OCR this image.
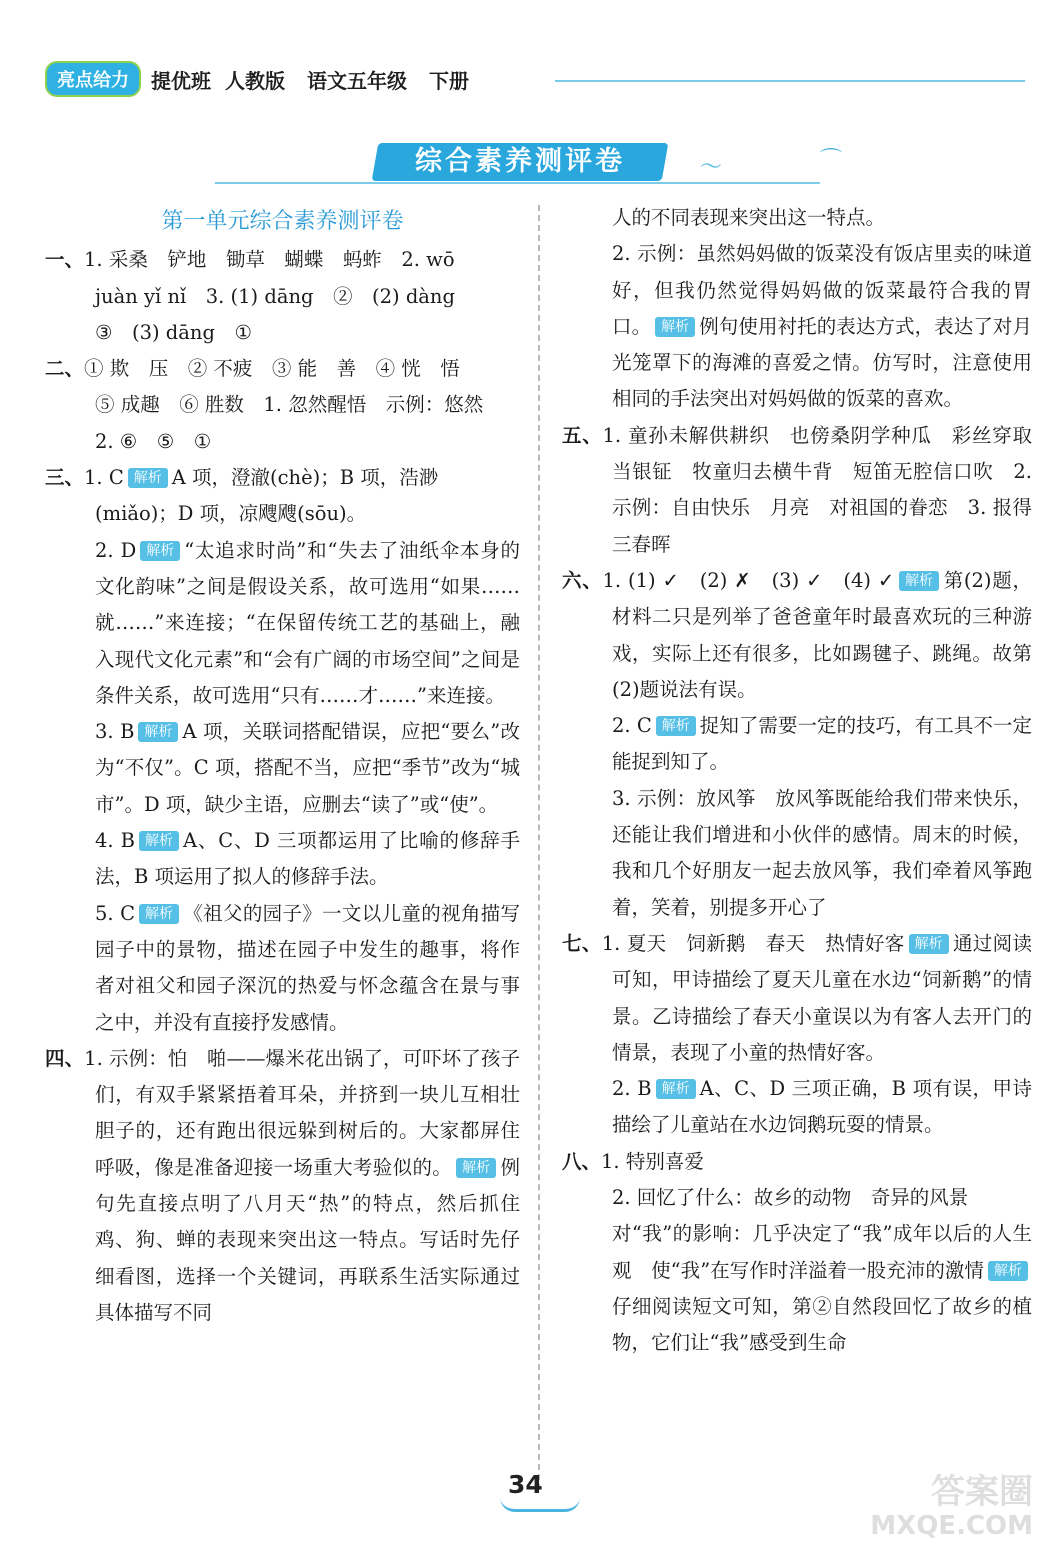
亮点给力	提优班 人教版 语文五年级 下册
综合素养测评卷	〜	⌒
第一单元综合素养测评卷

一、1. 采桑　铲地　锄草　蝴蝶　蚂蚱　2. wō
juàn yǐ nǐ　3. (1) dāng　②　(2) dàng
③　(3) dāng　①

二、① 欺　压　② 不疲　③ 能　善　④ 恍　悟
⑤ 成趣　⑥ 胜数　1. 忽然醒悟　示例：悠然
2. ⑥　⑤　①

三、1. C 解析 A 项，澄澈(chè)；B 项，浩渺
(miǎo)；D 项，凉飕飕(sōu)。

2. D 解析 “太追求时尚”和“失去了油纸伞本身的文化韵味”之间是假设关系，故可选用“如果……就……”来连接；“在保留传统工艺的基础上，融入现代文化元素”和“会有广阔的市场空间”之间是条件关系，故可选用“只有……才……”来连接。

3. B 解析 A 项，关联词搭配错误，应把“要么”改为“不仅”。C 项，搭配不当，应把“季节”改为“城市”。D 项，缺少主语，应删去“读了”或“使”。

4. B 解析 A、C、D 三项都运用了比喻的修辞手法，B 项运用了拟人的修辞手法。

5. C 解析 《祖父的园子》一文以儿童的视角描写园子中的景物，描述在园子中发生的趣事，将作者对祖父和园子深沉的热爱与怀念蕴含在景与事之中，并没有直接抒发感情。

四、1. 示例：怕　啪——爆米花出锅了，可吓坏了孩子们，有双手紧紧捂着耳朵，并挤到一块儿互相壮胆子的，还有跑出很远躲到树后的。大家都屏住呼吸，像是准备迎接一场重大考验似的。 解析 例句先直接点明了八月天“热”的特点，然后抓住鸡、狗、蝉的表现来突出这一特点。写话时先仔细看图，选择一个关键词，再联系生活实际通过具体描写不同

人的不同表现来突出这一特点。

2. 示例：虽然妈妈做的饭菜没有饭店里卖的味道好，但我仍然觉得妈妈做的饭菜最符合我的胃口。 解析 例句使用衬托的表达方式，表达了对月光笼罩下的海滩的喜爱之情。仿写时，注意使用相同的手法突出对妈妈做的饭菜的喜欢。

五、1. 童孙未解供耕织　也傍桑阴学种瓜　彩丝穿取当银钲　牧童归去横牛背　短笛无腔信口吹　2. 示例：自由快乐　月亮　对祖国的眷恋　3. 报得三春晖

六、1. (1) ✓　(2) ✗　(3) ✓　(4) ✓ 解析 第(2)题，材料二只是列举了爸爸童年时最喜欢玩的三种游戏，实际上还有很多，比如踢毽子、跳绳。故第(2)题说法有误。

2. C 解析 捉知了需要一定的技巧，有工具不一定能捉到知了。

3. 示例：放风筝　放风筝既能给我们带来快乐，还能让我们增进和小伙伴的感情。周末的时候，我和几个好朋友一起去放风筝，我们牵着风筝跑着，笑着，别提多开心了

七、1. 夏天　饲新鹅　春天　热情好客 解析 通过阅读可知，甲诗描绘了夏天儿童在水边“饲新鹅”的情景。乙诗描绘了春天小童误以为有客人去开门的情景，表现了小童的热情好客。

2. B 解析 A、C、D 三项正确，B 项有误，甲诗描绘了儿童站在水边饲鹅玩耍的情景。

八、1. 特别喜爱

2. 回忆了什么：故乡的动物　奇异的风景
对“我”的影响：几乎决定了“我”成年以后的人生观　使“我”在写作时洋溢着一股充沛的激情 解析仔细阅读短文可知，第②自然段回忆了故乡的植物，它们让“我”感受到生命

34	答案圈
MXQE.COM
